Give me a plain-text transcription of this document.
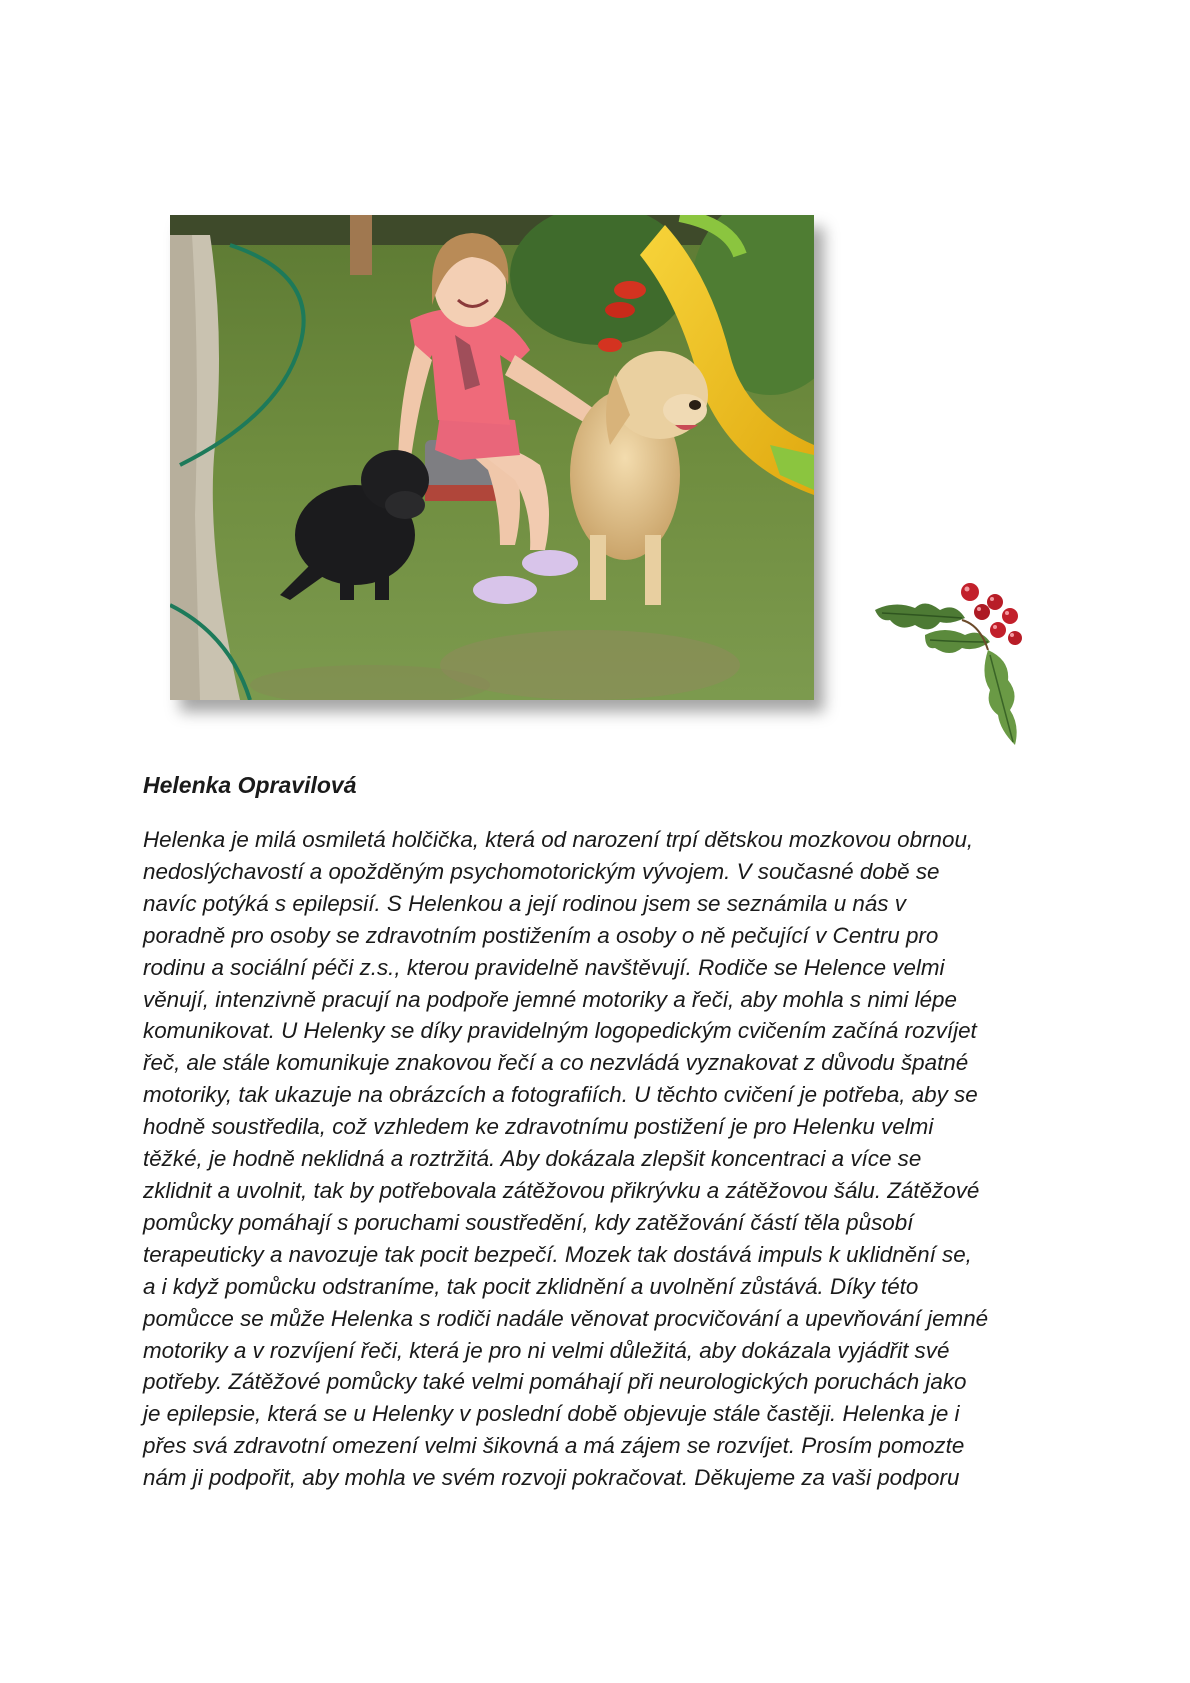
Helenka Opravilová
Helenka je milá osmiletá holčička, která od narození trpí dětskou mozkovou obrnou,
nedoslýchavostí a opožděným psychomotorickým vývojem. V současné době se
navíc potýká s epilepsií. S Helenkou a její rodinou jsem se seznámila u nás v
poradně pro osoby se zdravotním postižením a osoby o ně pečující v Centru pro
rodinu a sociální péči z.s., kterou pravidelně navštěvují. Rodiče se Helence velmi
věnují, intenzivně pracují na podpoře jemné motoriky a řeči, aby mohla s nimi lépe
komunikovat. U Helenky se díky pravidelným logopedickým cvičením začíná rozvíjet
řeč, ale stále komunikuje znakovou řečí a co nezvládá vyznakovat z důvodu špatné
motoriky, tak ukazuje na obrázcích a fotografiích. U těchto cvičení je potřeba, aby se
hodně soustředila, což vzhledem ke zdravotnímu postižení je pro Helenku velmi
těžké, je hodně neklidná a roztržitá. Aby dokázala zlepšit koncentraci a více se
zklidnit a uvolnit, tak by potřebovala zátěžovou přikrývku a zátěžovou šálu. Zátěžové
pomůcky pomáhají s poruchami soustředění, kdy zatěžování částí těla působí
terapeuticky a navozuje tak pocit bezpečí. Mozek tak dostává impuls k uklidnění se,
a i když pomůcku odstraníme, tak pocit zklidnění a uvolnění zůstává. Díky této
pomůcce se může Helenka s rodiči nadále věnovat procvičování a upevňování jemné
motoriky a v rozvíjení řeči, která je pro ni velmi důležitá, aby dokázala vyjádřit své
potřeby. Zátěžové pomůcky také velmi pomáhají při neurologických poruchách jako
je epilepsie, která se u Helenky v poslední době objevuje stále častěji. Helenka je i
přes svá zdravotní omezení velmi šikovná a má zájem se rozvíjet. Prosím pomozte
nám ji podpořit, aby mohla ve svém rozvoji pokračovat. Děkujeme za vaši podporu
